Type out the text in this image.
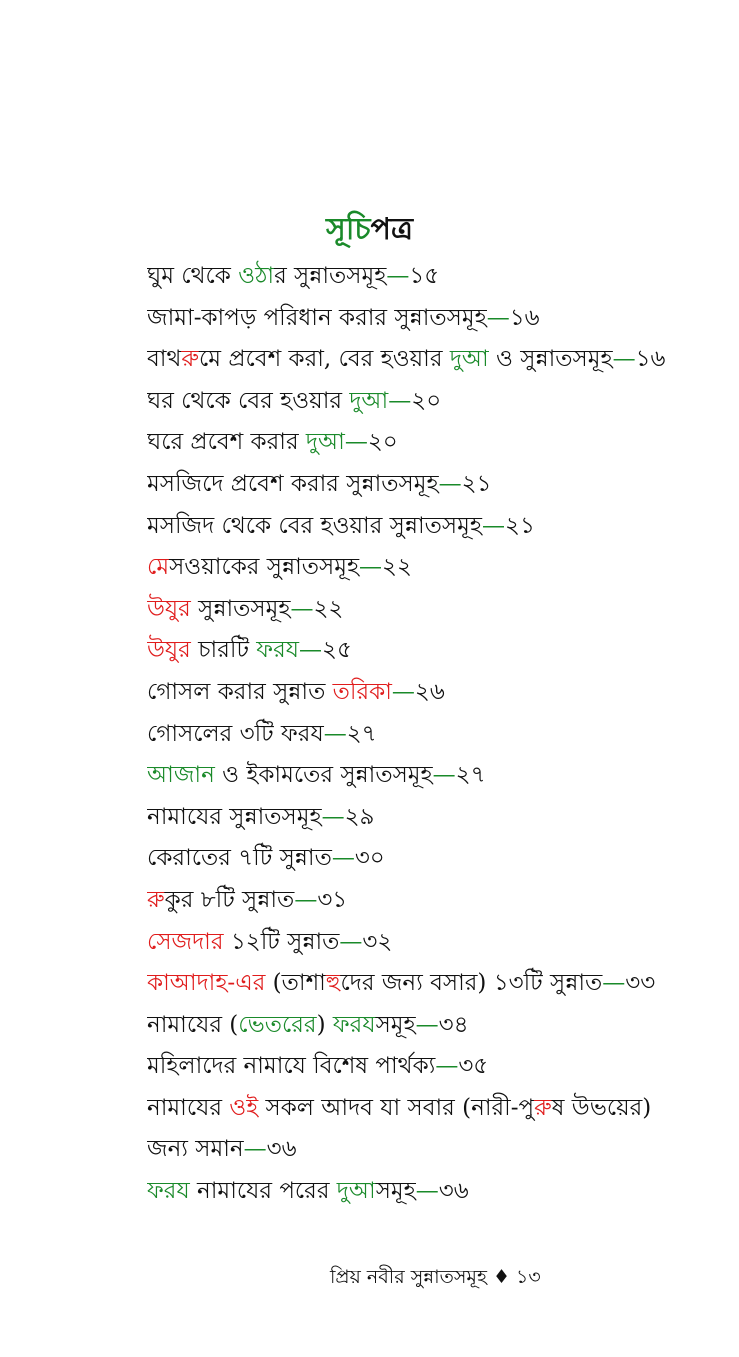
সূচিপত্র
ঘুম থেকে ওঠার সুন্নাতসমূহ—১৫
জামা-কাপড় পরিধান করার সুন্নাতসমূহ—১৬
বাথরুমে প্রবেশ করা, বের হওয়ার দুআ ও সুন্নাতসমূহ—১৬
ঘর থেকে বের হওয়ার দুআ—২০
ঘরে প্রবেশ করার দুআ—২০
মসজিদে প্রবেশ করার সুন্নাতসমূহ—২১
মসজিদ থেকে বের হওয়ার সুন্নাতসমূহ—২১
মেসওয়াকের সুন্নাতসমূহ—২২
উযুর সুন্নাতসমূহ—২২
উযুর চারটি ফরয—২৫
গোসল করার সুন্নাত তরিকা—২৬
গোসলের ৩টি ফরয—২৭
আজান ও ইকামতের সুন্নাতসমূহ—২৭
নামাযের সুন্নাতসমূহ—২৯
কেরাতের ৭টি সুন্নাত—৩০
রুকুর ৮টি সুন্নাত—৩১
সেজদার ১২টি সুন্নাত—৩২
কাআদাহ-এর (তাশাহুদের জন্য বসার) ১৩টি সুন্নাত—৩৩
নামাযের (ভেতরের) ফরযসমূহ—৩৪
মহিলাদের নামাযে বিশেষ পার্থক্য—৩৫
নামাযের ওই সকল আদব যা সবার (নারী-পুরুষ উভয়ের)
জন্য সমান—৩৬
ফরয নামাযের পরের দুআসমূহ—৩৬
প্রিয় নবীর সুন্নাতসমূহ ♦ ১৩
